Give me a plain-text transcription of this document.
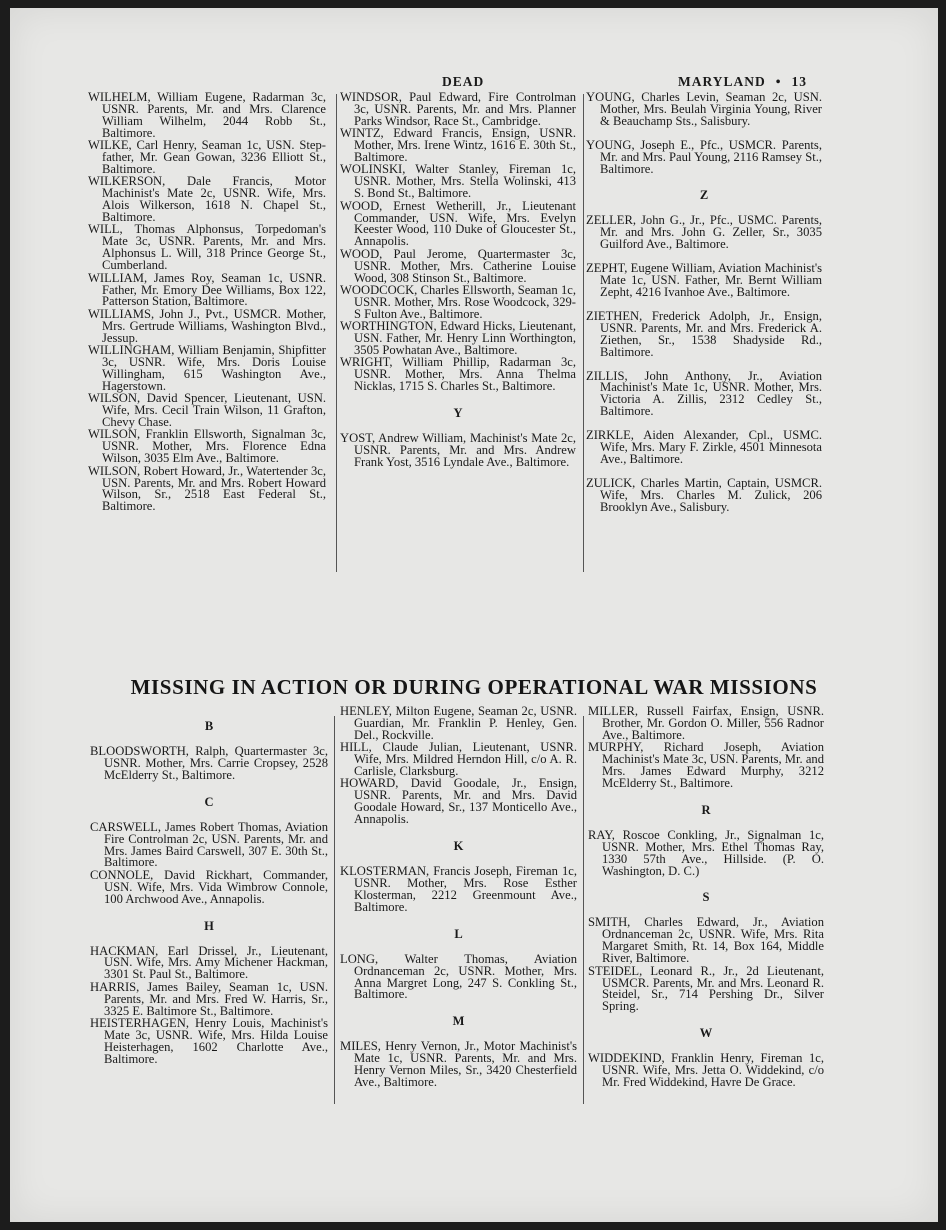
DEAD	MARYLAND • 13

WILHELM, William Eugene, Radarman 3c, USNR. Parents, Mr. and Mrs. Clarence William Wilhelm, 2044 Robb St., Baltimore.

WILKE, Carl Henry, Seaman 1c, USN. Step-father, Mr. Gean Gowan, 3236 Elliott St., Baltimore.

WILKERSON, Dale Francis, Motor Machinist's Mate 2c, USNR. Wife, Mrs. Alois Wilkerson, 1618 N. Chapel St., Baltimore.

WILL, Thomas Alphonsus, Torpedoman's Mate 3c, USNR. Parents, Mr. and Mrs. Alphonsus L. Will, 318 Prince George St., Cumberland.

WILLIAM, James Roy, Seaman 1c, USNR. Father, Mr. Emory Dee Williams, Box 122, Patterson Station, Baltimore.

WILLIAMS, John J., Pvt., USMCR. Mother, Mrs. Gertrude Williams, Washington Blvd., Jessup.

WILLINGHAM, William Benjamin, Shipfitter 3c, USNR. Wife, Mrs. Doris Louise Willingham, 615 Washington Ave., Hagerstown.

WILSON, David Spencer, Lieutenant, USN. Wife, Mrs. Cecil Train Wilson, 11 Grafton, Chevy Chase.

WILSON, Franklin Ellsworth, Signalman 3c, USNR. Mother, Mrs. Florence Edna Wilson, 3035 Elm Ave., Baltimore.

WILSON, Robert Howard, Jr., Watertender 3c, USN. Parents, Mr. and Mrs. Robert Howard Wilson, Sr., 2518 East Federal St., Baltimore.

WINDSOR, Paul Edward, Fire Controlman 3c, USNR. Parents, Mr. and Mrs. Planner Parks Windsor, Race St., Cambridge.

WINTZ, Edward Francis, Ensign, USNR. Mother, Mrs. Irene Wintz, 1616 E. 30th St., Baltimore.

WOLINSKI, Walter Stanley, Fireman 1c, USNR. Mother, Mrs. Stella Wolinski, 413 S. Bond St., Baltimore.

WOOD, Ernest Wetherill, Jr., Lieutenant Commander, USN. Wife, Mrs. Evelyn Keester Wood, 110 Duke of Gloucester St., Annapolis.

WOOD, Paul Jerome, Quartermaster 3c, USNR. Mother, Mrs. Catherine Louise Wood, 308 Stinson St., Baltimore.

WOODCOCK, Charles Ellsworth, Seaman 1c, USNR. Mother, Mrs. Rose Woodcock, 329-S Fulton Ave., Baltimore.

WORTHINGTON, Edward Hicks, Lieutenant, USN. Father, Mr. Henry Linn Worthington, 3505 Powhatan Ave., Baltimore.

WRIGHT, William Phillip, Radarman 3c, USNR. Mother, Mrs. Anna Thelma Nicklas, 1715 S. Charles St., Baltimore.

Y

YOST, Andrew William, Machinist's Mate 2c, USNR. Parents, Mr. and Mrs. Andrew Frank Yost, 3516 Lyndale Ave., Baltimore.

YOUNG, Charles Levin, Seaman 2c, USN. Mother, Mrs. Beulah Virginia Young, River & Beauchamp Sts., Salisbury.

YOUNG, Joseph E., Pfc., USMCR. Parents, Mr. and Mrs. Paul Young, 2116 Ramsey St., Baltimore.

Z

ZELLER, John G., Jr., Pfc., USMC. Parents, Mr. and Mrs. John G. Zeller, Sr., 3035 Guilford Ave., Baltimore.

ZEPHT, Eugene William, Aviation Machinist's Mate 1c, USN. Father, Mr. Bernt William Zepht, 4216 Ivanhoe Ave., Baltimore.

ZIETHEN, Frederick Adolph, Jr., Ensign, USNR. Parents, Mr. and Mrs. Frederick A. Ziethen, Sr., 1538 Shadyside Rd., Baltimore.

ZILLIS, John Anthony, Jr., Aviation Machinist's Mate 1c, USNR. Mother, Mrs. Victoria A. Zillis, 2312 Cedley St., Baltimore.

ZIRKLE, Aiden Alexander, Cpl., USMC. Wife, Mrs. Mary F. Zirkle, 4501 Minnesota Ave., Baltimore.

ZULICK, Charles Martin, Captain, USMCR. Wife, Mrs. Charles M. Zulick, 206 Brooklyn Ave., Salisbury.

MISSING IN ACTION OR DURING OPERATIONAL WAR MISSIONS
B

BLOODSWORTH, Ralph, Quartermaster 3c, USNR. Mother, Mrs. Carrie Cropsey, 2528 McElderry St., Baltimore.

C

CARSWELL, James Robert Thomas, Aviation Fire Controlman 2c, USN. Parents, Mr. and Mrs. James Baird Carswell, 307 E. 30th St., Baltimore.

CONNOLE, David Rickhart, Commander, USN. Wife, Mrs. Vida Wimbrow Connole, 100 Archwood Ave., Annapolis.

H

HACKMAN, Earl Drissel, Jr., Lieutenant, USN. Wife, Mrs. Amy Michener Hackman, 3301 St. Paul St., Baltimore.

HARRIS, James Bailey, Seaman 1c, USN. Parents, Mr. and Mrs. Fred W. Harris, Sr., 3325 E. Baltimore St., Baltimore.

HEISTERHAGEN, Henry Louis, Machinist's Mate 3c, USNR. Wife, Mrs. Hilda Louise Heisterhagen, 1602 Charlotte Ave., Baltimore.

HENLEY, Milton Eugene, Seaman 2c, USNR. Guardian, Mr. Franklin P. Henley, Gen. Del., Rockville.

HILL, Claude Julian, Lieutenant, USNR. Wife, Mrs. Mildred Herndon Hill, c/o A. R. Carlisle, Clarksburg.

HOWARD, David Goodale, Jr., Ensign, USNR. Parents, Mr. and Mrs. David Goodale Howard, Sr., 137 Monticello Ave., Annapolis.

K

KLOSTERMAN, Francis Joseph, Fireman 1c, USNR. Mother, Mrs. Rose Esther Klosterman, 2212 Greenmount Ave., Baltimore.

L

LONG, Walter Thomas, Aviation Ordnanceman 2c, USNR. Mother, Mrs. Anna Margret Long, 247 S. Conkling St., Baltimore.

M

MILES, Henry Vernon, Jr., Motor Machinist's Mate 1c, USNR. Parents, Mr. and Mrs. Henry Vernon Miles, Sr., 3420 Chesterfield Ave., Baltimore.

MILLER, Russell Fairfax, Ensign, USNR. Brother, Mr. Gordon O. Miller, 556 Radnor Ave., Baltimore.

MURPHY, Richard Joseph, Aviation Machinist's Mate 3c, USN. Parents, Mr. and Mrs. James Edward Murphy, 3212 McElderry St., Baltimore.

R

RAY, Roscoe Conkling, Jr., Signalman 1c, USNR. Mother, Mrs. Ethel Thomas Ray, 1330 57th Ave., Hillside. (P. O. Washington, D. C.)

S

SMITH, Charles Edward, Jr., Aviation Ordnanceman 2c, USNR. Wife, Mrs. Rita Margaret Smith, Rt. 14, Box 164, Middle River, Baltimore.

STEIDEL, Leonard R., Jr., 2d Lieutenant, USMCR. Parents, Mr. and Mrs. Leonard R. Steidel, Sr., 714 Pershing Dr., Silver Spring.

W

WIDDEKIND, Franklin Henry, Fireman 1c, USNR. Wife, Mrs. Jetta O. Widdekind, c/o Mr. Fred Widdekind, Havre De Grace.
